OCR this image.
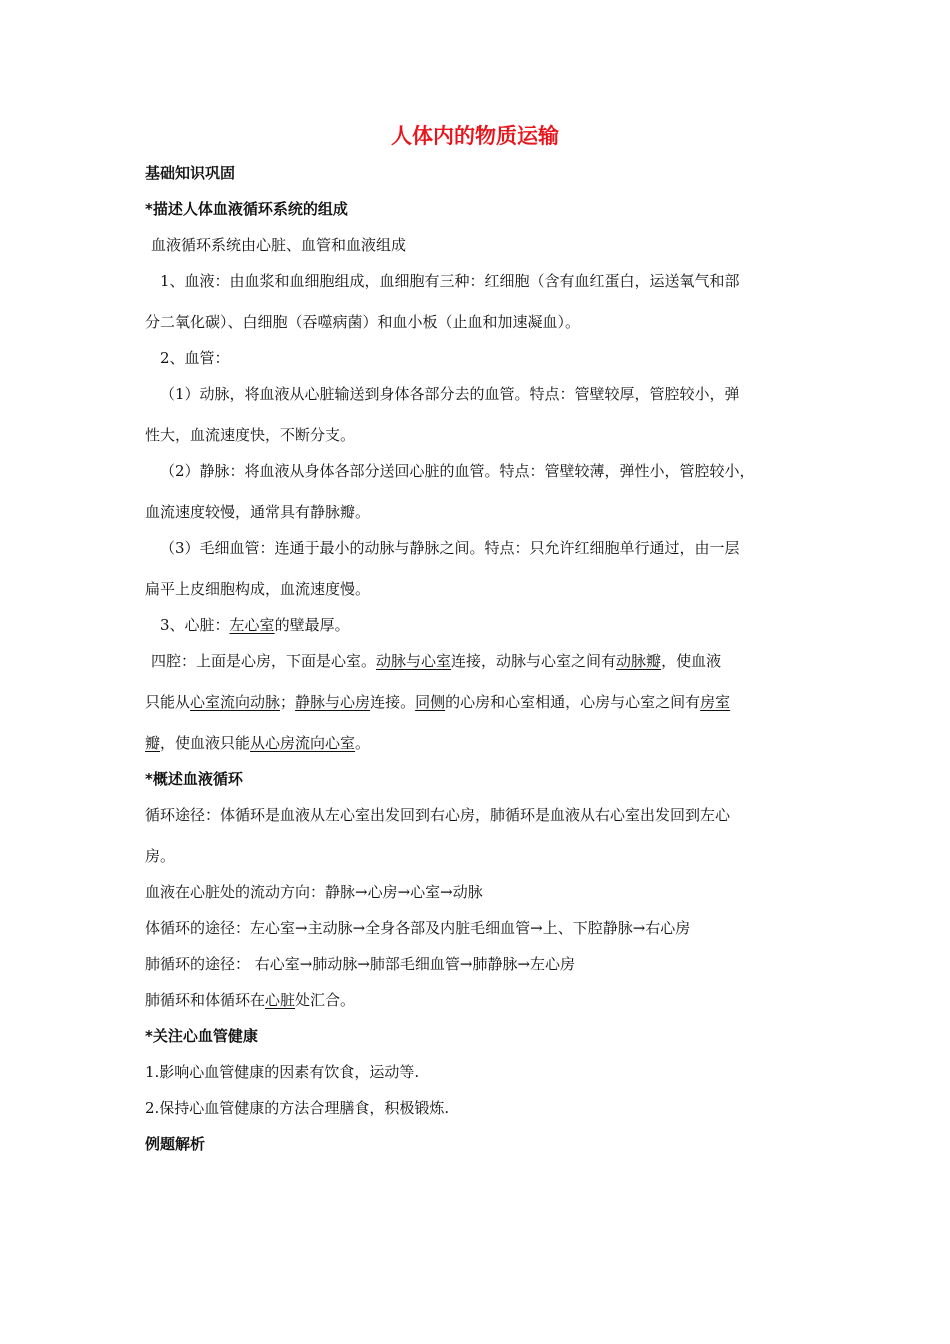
人体内的物质运输
基础知识巩固
*描述人体血液循环系统的组成
血液循环系统由心脏、血管和血液组成
1、血液：由血浆和血细胞组成，血细胞有三种：红细胞（含有血红蛋白，运送氧气和部
分二氧化碳）、白细胞（吞噬病菌）和血小板（止血和加速凝血）。
2、血管：
（1）动脉，将血液从心脏输送到身体各部分去的血管。特点：管壁较厚，管腔较小，弹
性大，血流速度快，不断分支。
（2）静脉：将血液从身体各部分送回心脏的血管。特点：管壁较薄，弹性小，管腔较小，
血流速度较慢，通常具有静脉瓣。
（3）毛细血管：连通于最小的动脉与静脉之间。特点：只允许红细胞单行通过，由一层
扁平上皮细胞构成，血流速度慢。
3、心脏：左心室的壁最厚。
四腔：上面是心房，下面是心室。动脉与心室连接，动脉与心室之间有动脉瓣，使血液
只能从心室流向动脉；静脉与心房连接。同侧的心房和心室相通，心房与心室之间有房室
瓣，使血液只能从心房流向心室。
*概述血液循环
循环途径：体循环是血液从左心室出发回到右心房，肺循环是血液从右心室出发回到左心
房。
血液在心脏处的流动方向：静脉→心房→心室→动脉
体循环的途径：左心室→主动脉→全身各部及内脏毛细血管→上、下腔静脉→右心房
肺循环的途径： 右心室→肺动脉→肺部毛细血管→肺静脉→左心房
肺循环和体循环在心脏处汇合。
*关注心血管健康
1.影响心血管健康的因素有饮食，运动等.
2.保持心血管健康的方法合理膳食，积极锻炼.
例题解析
